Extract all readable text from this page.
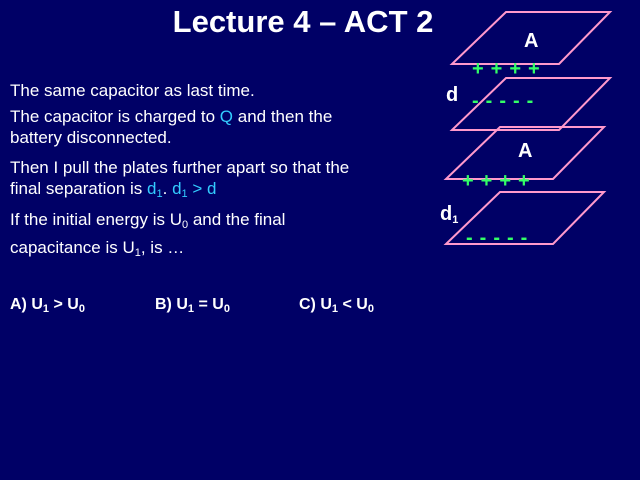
Lecture 4 – ACT 2
The same capacitor as last time.
The capacitor is charged to Q and then the
battery disconnected.
Then I pull the plates further apart so that the
final separation is $d_1$. $d_1 > d$
If the initial energy is $U_0$ and the final
capacitance is $U_1$, is …
A) $U_1 > U_0$	B) $U_1 = U_0$	C) $U_1 < U_0$
A
++++
d -----
A
++++
$d_1$
-----
